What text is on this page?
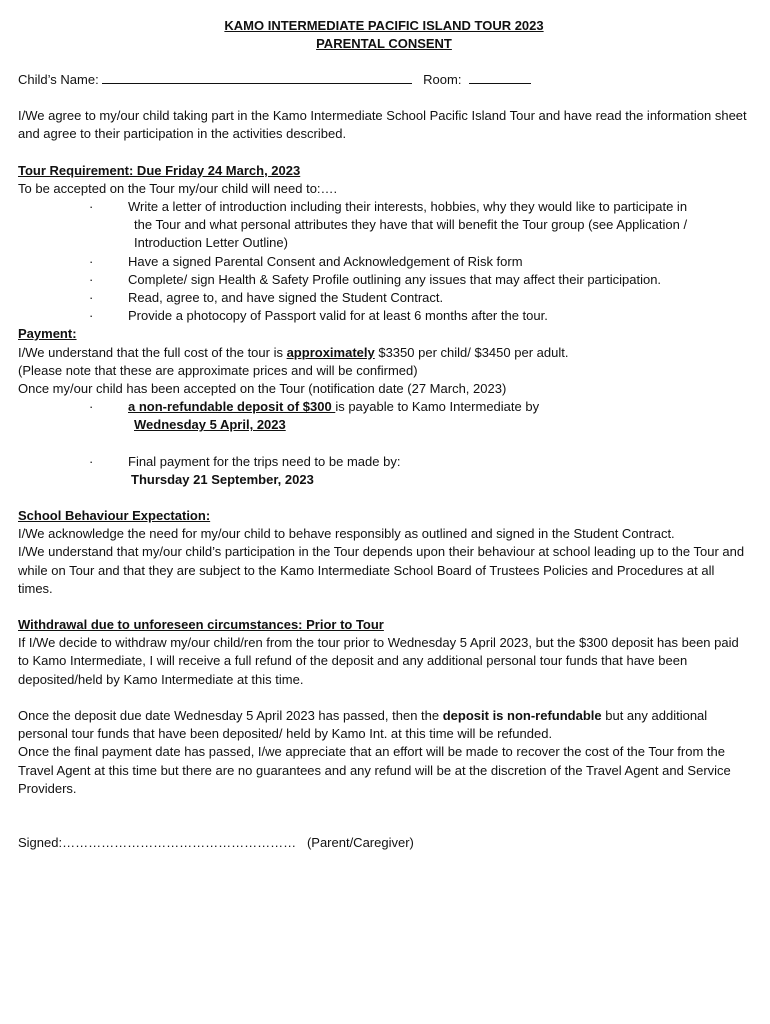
KAMO INTERMEDIATE PACIFIC ISLAND TOUR 2023
PARENTAL CONSENT

Child’s Name:	Room:

I/We agree to my/our child taking part in the Kamo Intermediate School Pacific Island Tour and have read the information sheet and agree to their participation in the activities described.

Tour Requirement: Due Friday 24 March, 2023

To be accepted on the Tour my/our child will need to:….

·	Write a letter of introduction including their interests, hobbies, why they would like to participate in
the Tour and what personal attributes they have that will benefit the Tour group (see Application /
Introduction Letter Outline)
·	Have a signed Parental Consent and Acknowledgement of Risk form
·	Complete/ sign Health & Safety Profile outlining any issues that may affect their participation.
·	Read, agree to, and have signed the Student Contract.
·	Provide a photocopy of Passport valid for at least 6 months after the tour.

Payment:

I/We understand that the full cost of the tour is approximately $3350 per child/ $3450 per adult.

(Please note that these are approximate prices and will be confirmed)

Once my/our child has been accepted on the Tour (notification date (27 March, 2023)

·	a non-refundable deposit of $300 is payable to Kamo Intermediate by
Wednesday 5 April, 2023
·	Final payment for the trips need to be made by:
Thursday 21 September, 2023

School Behaviour Expectation:

I/We acknowledge the need for my/our child to behave responsibly as outlined and signed in the Student Contract.

I/We understand that my/our child’s participation in the Tour depends upon their behaviour at school leading up to the Tour and while on Tour and that they are subject to the Kamo Intermediate School Board of Trustees Policies and Procedures at all times.

Withdrawal due to unforeseen circumstances: Prior to Tour

If I/We decide to withdraw my/our child/ren from the tour prior to Wednesday 5 April 2023, but the $300 deposit has been paid to Kamo Intermediate, I will receive a full refund of the deposit and any additional personal tour funds that have been deposited/held by Kamo Intermediate at this time.

Once the deposit due date Wednesday 5 April 2023 has passed, then the deposit is non-refundable but any additional personal tour funds that have been deposited/ held by Kamo Int. at this time will be refunded.

Once the final payment date has passed, I/we appreciate that an effort will be made to recover the cost of the Tour from the Travel Agent at this time but there are no guarantees and any refund will be at the discretion of the Travel Agent and Service Providers.

Signed:……………………………………………… (Parent/Caregiver)
